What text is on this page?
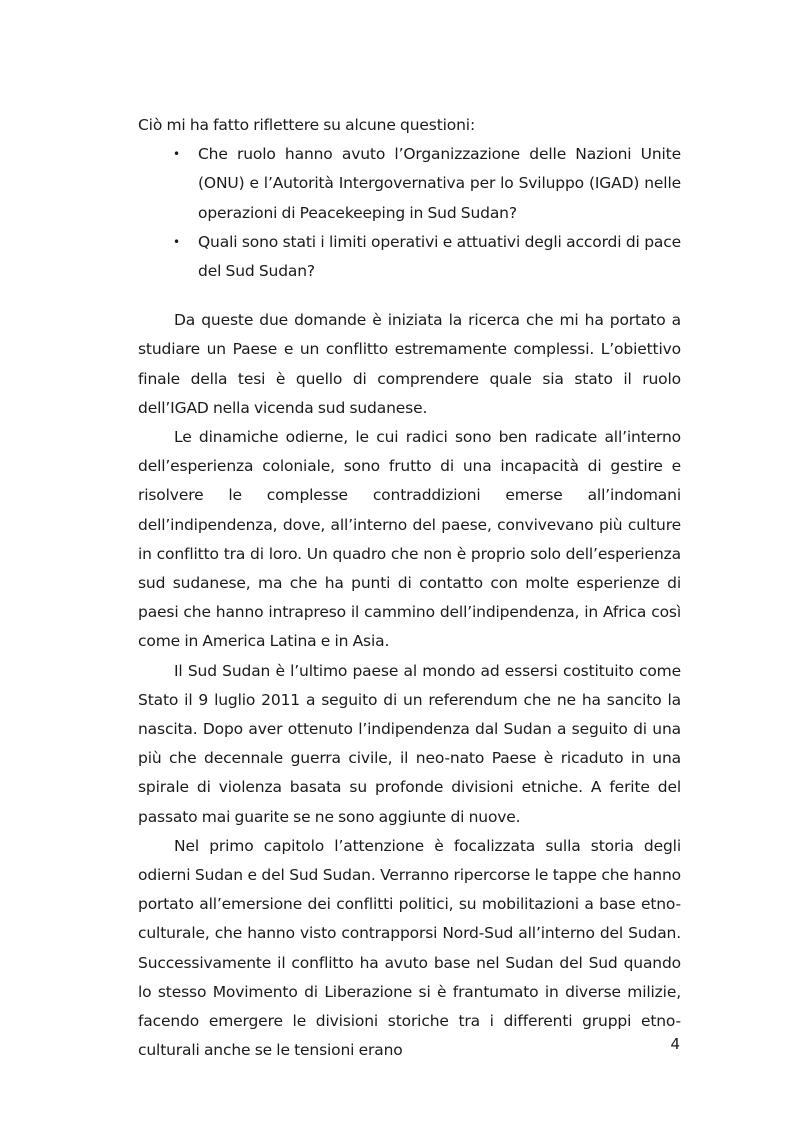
Ciò mi ha fatto riflettere su alcune questioni:

• Che ruolo hanno avuto l’Organizzazione delle Nazioni Unite (ONU) e l’Autorità Intergovernativa per lo Sviluppo (IGAD) nelle operazioni di Peacekeeping in Sud Sudan?
• Quali sono stati i limiti operativi e attuativi degli accordi di pace del Sud Sudan?

Da queste due domande è iniziata la ricerca che mi ha portato a studiare un Paese e un conflitto estremamente complessi. L’obiettivo finale della tesi è quello di comprendere quale sia stato il ruolo dell’IGAD nella vicenda sud sudanese.

Le dinamiche odierne, le cui radici sono ben radicate all’interno dell’esperienza coloniale, sono frutto di una incapacità di gestire e risolvere le complesse contraddizioni emerse all’indomani dell’indipendenza, dove, all’interno del paese, convivevano più culture in conflitto tra di loro. Un quadro che non è proprio solo dell’esperienza sud sudanese, ma che ha punti di contatto con molte esperienze di paesi che hanno intrapreso il cammino dell’indipendenza, in Africa così come in America Latina e in Asia.

Il Sud Sudan è l’ultimo paese al mondo ad essersi costituito come Stato il 9 luglio 2011 a seguito di un referendum che ne ha sancito la nascita. Dopo aver ottenuto l’indipendenza dal Sudan a seguito di una più che decennale guerra civile, il neo-nato Paese è ricaduto in una spirale di violenza basata su profonde divisioni etniche. A ferite del passato mai guarite se ne sono aggiunte di nuove.

Nel primo capitolo l’attenzione è focalizzata sulla storia degli odierni Sudan e del Sud Sudan. Verranno ripercorse le tappe che hanno portato all’emersione dei conflitti politici, su mobilitazioni a base etno-culturale, che hanno visto contrapporsi Nord-Sud all’interno del Sudan. Successivamente il conflitto ha avuto base nel Sudan del Sud quando lo stesso Movimento di Liberazione si è frantumato in diverse milizie, facendo emergere le divisioni storiche tra i differenti gruppi etno-culturali anche se le tensioni erano	4
